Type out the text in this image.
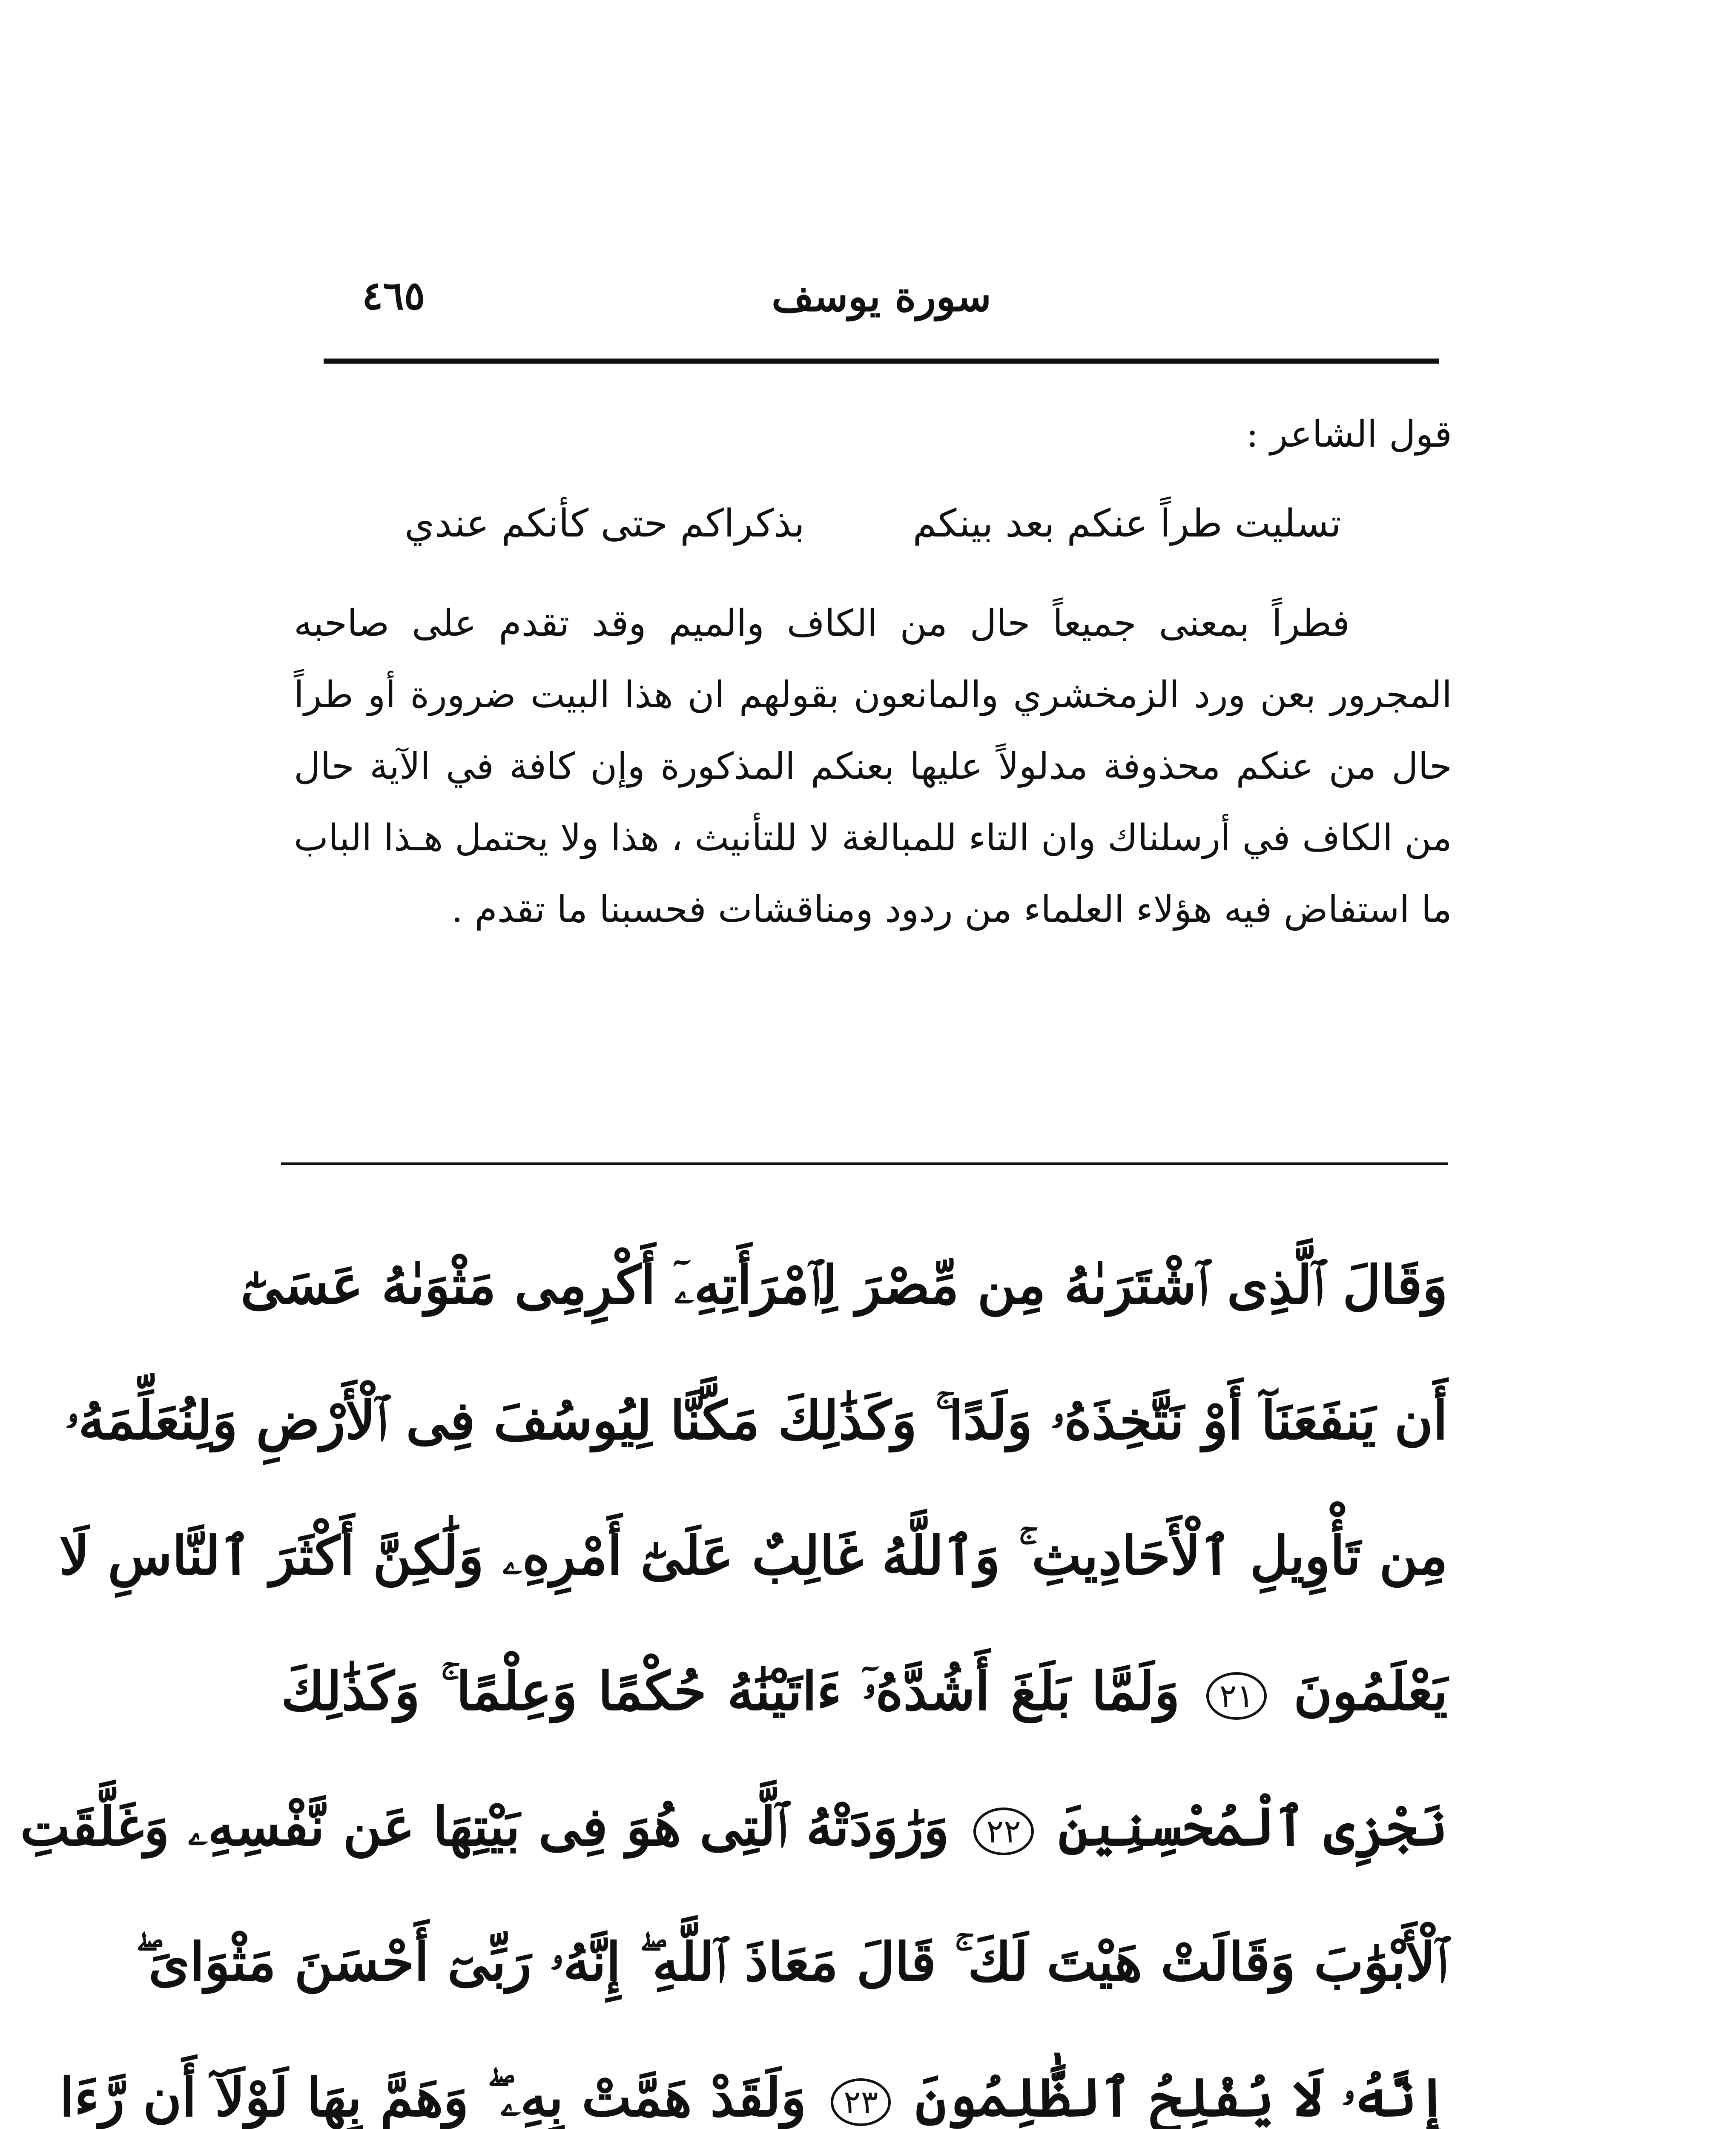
سورة يوسف
٤٦٥
قول الشاعر :
تسليت طراً عنكم بعد بينكم
بذكراكم حتى كأنكم عندي

فطراً بمعنى جميعاً حال من الكاف والميم وقد تقدم على صاحبه المجرور بعن ورد الزمخشري والمانعون بقولهم ان هذا البيت ضرورة أو طراً حال من عنكم محذوفة مدلولاً عليها بعنكم المذكورة وإن كافة في الآية حال من الكاف في أرسلناك وان التاء للمبالغة لا للتأنيث ، هذا ولا يحتمل هـذا الباب ما استفاض فيه هؤلاء العلماء من ردود ومناقشات فحسبنا ما تقدم .

وَقَالَ ٱلَّذِى ٱشْتَرَىٰهُ مِن مِّصْرَ لِٱمْرَأَتِهِۦٓ أَكْرِمِى مَثْوَىٰهُ عَسَىٰٓ
أَن يَنفَعَنَآ أَوْ نَتَّخِذَهُۥ وَلَدًا ۚ وَكَذَٰلِكَ مَكَّنَّا لِيُوسُفَ فِى ٱلْأَرْضِ وَلِنُعَلِّمَهُۥ
مِن تَأْوِيلِ ٱلْأَحَادِيثِ ۚ وَٱللَّهُ غَالِبٌ عَلَىٰٓ أَمْرِهِۦ وَلَٰكِنَّ أَكْثَرَ ٱلنَّاسِ لَا
يَعْلَمُونَ ٢١ وَلَمَّا بَلَغَ أَشُدَّهُۥٓ ءَاتَيْنَٰهُ حُكْمًا وَعِلْمًا ۚ وَكَذَٰلِكَ
نَجْزِى ٱلْمُحْسِنِينَ ٢٢ وَرَٰوَدَتْهُ ٱلَّتِى هُوَ فِى بَيْتِهَا عَن نَّفْسِهِۦ وَغَلَّقَتِ
ٱلْأَبْوَٰبَ وَقَالَتْ هَيْتَ لَكَ ۚ قَالَ مَعَاذَ ٱللَّهِ ۖ إِنَّهُۥ رَبِّىٓ أَحْسَنَ مَثْوَاىَ ۖ
إِنَّهُۥ لَا يُفْلِحُ ٱلظَّٰلِمُونَ ٢٣ وَلَقَدْ هَمَّتْ بِهِۦ ۖ وَهَمَّ بِهَا لَوْلَآ أَن رَّءَا
